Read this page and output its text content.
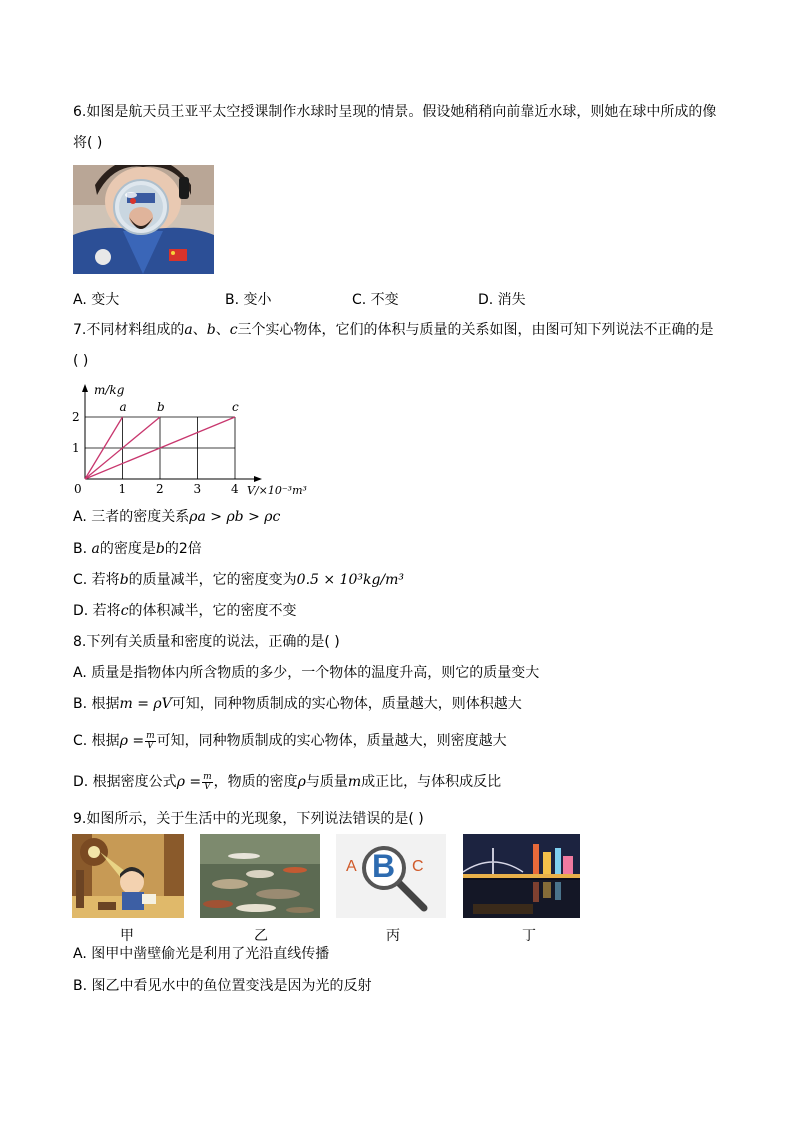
6.如图是航天员王亚平太空授课制作水球时呈现的情景。假设她稍稍向前靠近水球，则她在球中所成的像
将( )
A. 变大	B. 变小	C. 不变	D. 消失
7.不同材料组成的a、b、c三个实心物体，它们的体积与质量的关系如图，由图可知下列说法不正确的是
( )
a	b	c
0	1 2 3 4
1
2
m/kg
V/×10⁻³m³
A. 三者的密度关系ρa > ρb > ρc
B. a的密度是b的2倍
C. 若将b的质量减半，它的密度变为0.5 × 10³kg/m³
D. 若将c的体积减半，它的密度不变
8.下列有关质量和密度的说法，正确的是( )
A. 质量是指物体内所含物质的多少，一个物体的温度升高，则它的质量变大
B. 根据m = ρV可知，同种物质制成的实心物体，质量越大，则体积越大
C. 根据$\rho = \frac{m}{V}$ 可知，同种物质制成的实心物体，质量越大，则密度越大
D. 根据密度公式$\rho = \frac{m}{V}$ ，物质的密度ρ与质量m成正比，与体积成反比
9.如图所示，关于生活中的光现象，下列说法错误的是( )
A B C
甲	乙	丙	丁
A. 图甲中凿壁偷光是利用了光沿直线传播
B. 图乙中看见水中的鱼位置变浅是因为光的反射
